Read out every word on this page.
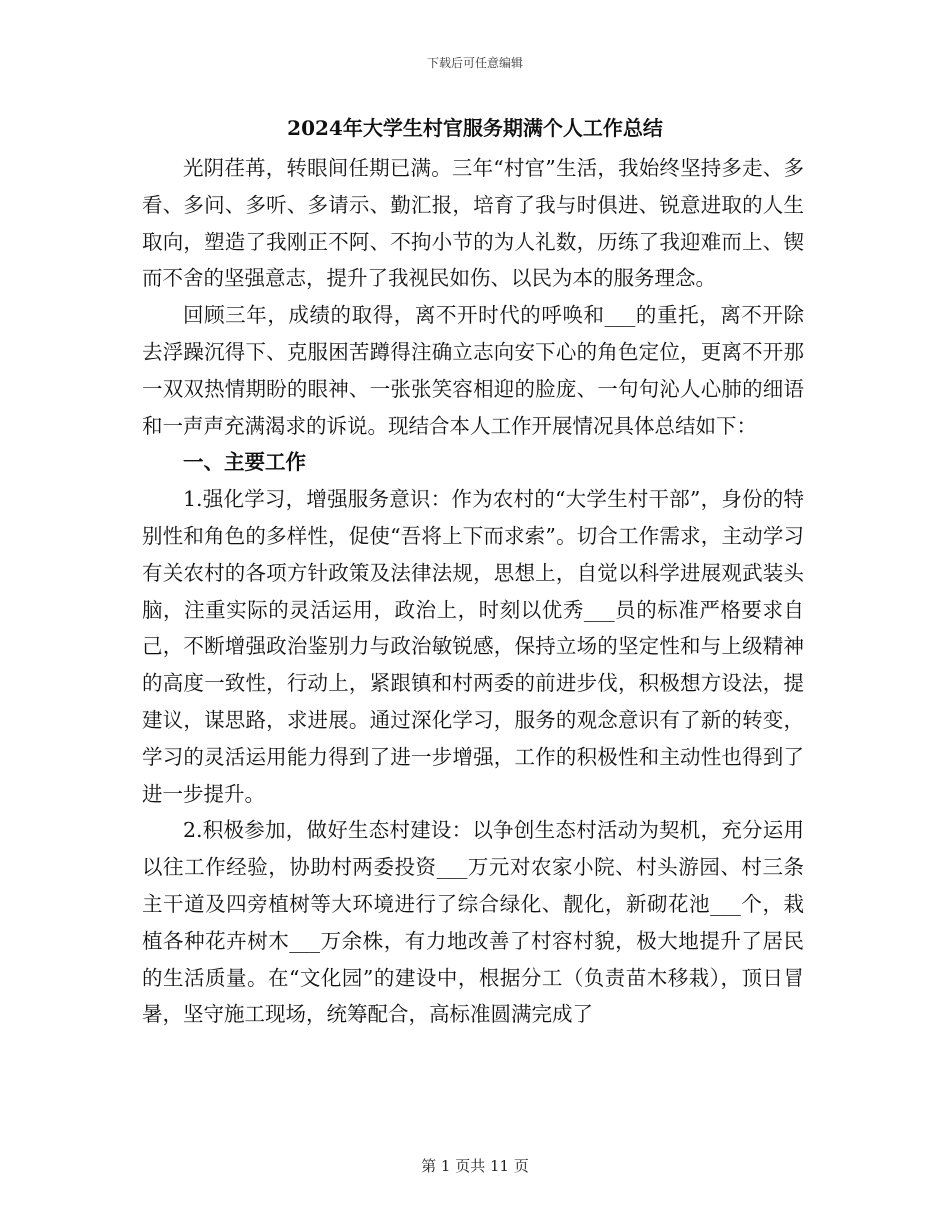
下载后可任意编辑
2024年大学生村官服务期满个人工作总结

光阴荏苒，转眼间任期已满。三年“村官”生活，我始终坚持多走、多看、多问、多听、多请示、勤汇报，培育了我与时俱进、锐意进取的人生取向，塑造了我刚正不阿、不拘小节的为人礼数，历练了我迎难而上、锲而不舍的坚强意志，提升了我视民如伤、以民为本的服务理念。

回顾三年，成绩的取得，离不开时代的呼唤和___的重托，离不开除去浮躁沉得下、克服困苦蹲得注确立志向安下心的角色定位，更离不开那一双双热情期盼的眼神、一张张笑容相迎的脸庞、一句句沁人心肺的细语和一声声充满渴求的诉说。现结合本人工作开展情况具体总结如下：

一、主要工作

1.强化学习，增强服务意识：作为农村的“大学生村干部”，身份的特别性和角色的多样性，促使“吾将上下而求索”。切合工作需求，主动学习有关农村的各项方针政策及法律法规，思想上，自觉以科学进展观武装头脑，注重实际的灵活运用，政治上，时刻以优秀___员的标准严格要求自己，不断增强政治鉴别力与政治敏锐感，保持立场的坚定性和与上级精神的高度一致性，行动上，紧跟镇和村两委的前进步伐，积极想方设法，提建议，谋思路，求进展。通过深化学习，服务的观念意识有了新的转变，学习的灵活运用能力得到了进一步增强，工作的积极性和主动性也得到了进一步提升。

2.积极参加，做好生态村建设：以争创生态村活动为契机，充分运用以往工作经验，协助村两委投资___万元对农家小院、村头游园、村三条主干道及四旁植树等大环境进行了综合绿化、靓化，新砌花池___个，栽植各种花卉树木___万余株，有力地改善了村容村貌，极大地提升了居民的生活质量。在“文化园”的建设中，根据分工（负责苗木移栽），顶日冒暑，坚守施工现场，统筹配合，高标准圆满完成了

第 1 页共 11 页
